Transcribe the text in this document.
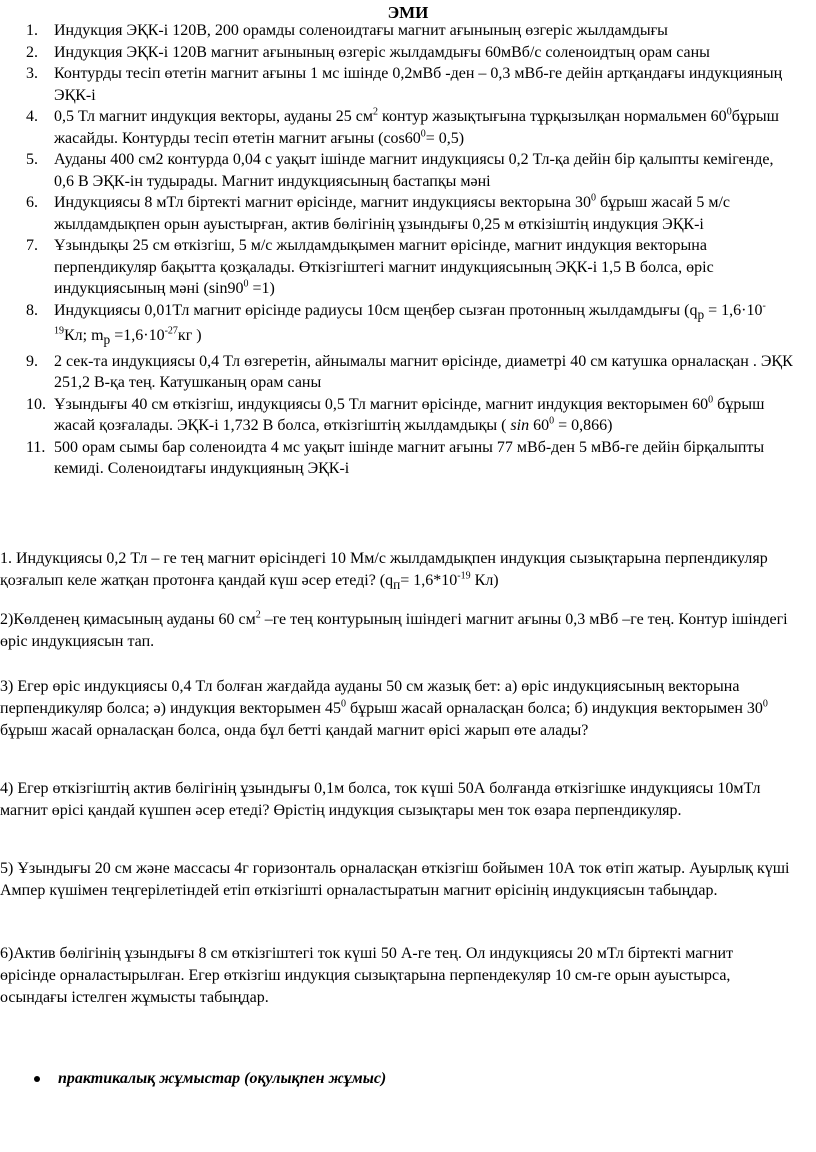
ЭМИ
1.	Индукция ЭҚК-і 120В, 200 орамды соленоидтағы магнит ағынының өзгеріс жылдамдығы
2.	Индукция ЭҚК-і 120В магнит ағынының өзгеріс жылдамдығы 60мВб/с соленоидтың орам саны
3.	Контурды тесіп өтетін магнит ағыны 1 мс ішінде 0,2мВб -ден – 0,3 мВб-ге дейін артқандағы индукцияның ЭҚК-і
4.	0,5 Тл магнит индукция векторы, ауданы 25 $см^2$ контур жазықтығына тұрқызылқан нормальмен $60^0бұрыш$ жасайды. Контурды тесіп өтетін магнит ағыны $(\cos 60^0= 0,5)$
5.	Ауданы 400 см2 контурда 0,04 с уақыт ішінде магнит индукциясы 0,2 Тл-қа дейін бір қалыпты кемігенде, 0,6 В ЭҚК-ін тудырады. Магнит индукциясының бастапқы мәні
6.	Индукциясы 8 мТл біртекті магнит өрісінде, магнит индукциясы векторына $30^0$ бұрыш жасай 5 м/с жылдамдықпен орын ауыстырған, актив бөлігінің ұзындығы 0,25 м өткізіштің индукция ЭҚК-і
7.	Ұзындықы 25 см өткізгіш, 5 м/с жылдамдықымен магнит өрісінде, магнит индукция векторына перпендикуляр бақытта қозқалады. Өткізгіштегі магнит индукциясының ЭҚК-і 1,5 В болса, өріс индукциясының мәні $(\sin 90^0 =1)$
8.	Индукциясы 0,01Тл магнит өрісінде радиусы 10см щеңбер сызған протонның жылдамдығы ($q_p = 1,6\cdot 10^{-19}Кл$; $m_p =1,6\cdot 10^{-27}кг$ )
9.	2 сек-та индукциясы 0,4 Тл өзгеретін, айнымалы магнит өрісінде, диаметрі 40 см катушка орналасқан . ЭҚК 251,2 В-қа тең. Катушканың орам саны
10. Ұзындығы 40 см өткізгіш, индукциясы 0,5 Тл магнит өрісінде, магнит индукция векторымен $60^0$ бұрыш жасай қозғалады. ЭҚК-і 1,732 В болса, өткізгіштің жылдамдықы ( $\sin 60^0 = 0,866$)
11. 500 орам сымы бар соленоидта 4 мс уақыт ішінде магнит ағыны 77 мВб-ден 5 мВб-ге дейін бірқалыпты кемиді. Соленоидтағы индукцияның ЭҚК-і
1. Индукциясы 0,2 Тл – ге тең магнит өрісіндегі 10 Мм/с жылдамдықпен индукция сызықтарына перпендикуляр қозғалып келе жатқан протонға қандай күш әсер етеді? ($q_п= 1,6*10^{-19}$ Кл)
2)Көлденең қимасының ауданы 60 $см^2$ –ге тең контурының ішіндегі магнит ағыны 0,3 мВб –ге тең. Контур ішіндегі өріс индукциясын тап.
3) Егер өріс индукциясы 0,4 Тл болған жағдайда ауданы 50 см жазық бет: а) өріс индукциясының векторына перпендикуляр болса; ә) индукция векторымен $45^0$ бұрыш жасай орналасқан болса; б) индукция векторымен $30^0$ бұрыш жасай орналасқан болса, онда бұл бетті қандай магнит өрісі жарып өте алады?
4) Егер өткізгіштің актив бөлігінің ұзындығы 0,1м болса, ток күші 50А болғанда өткізгішке индукциясы 10мТл магнит өрісі қандай күшпен әсер етеді? Өрістің индукция сызықтары мен ток өзара перпендикуляр.
5) Ұзындығы 20 см және массасы 4г горизонталь орналасқан өткізгіш бойымен 10А ток өтіп жатыр. Ауырлық күші Ампер күшімен теңгерілетіндей етіп өткізгішті орналастыратын магнит өрісінің индукциясын табыңдар.
6)Актив бөлігінің ұзындығы 8 см өткізгіштегі ток күші 50 А-ге тең. Ол индукциясы 20 мТл біртекті магнит өрісінде орналастырылған. Егер өткізгіш индукция сызықтарына перпендекуляр 10 см-ге орын ауыстырса, осындағы істелген жұмысты табыңдар.
практикалық жұмыстар (оқулықпен жұмыс)
